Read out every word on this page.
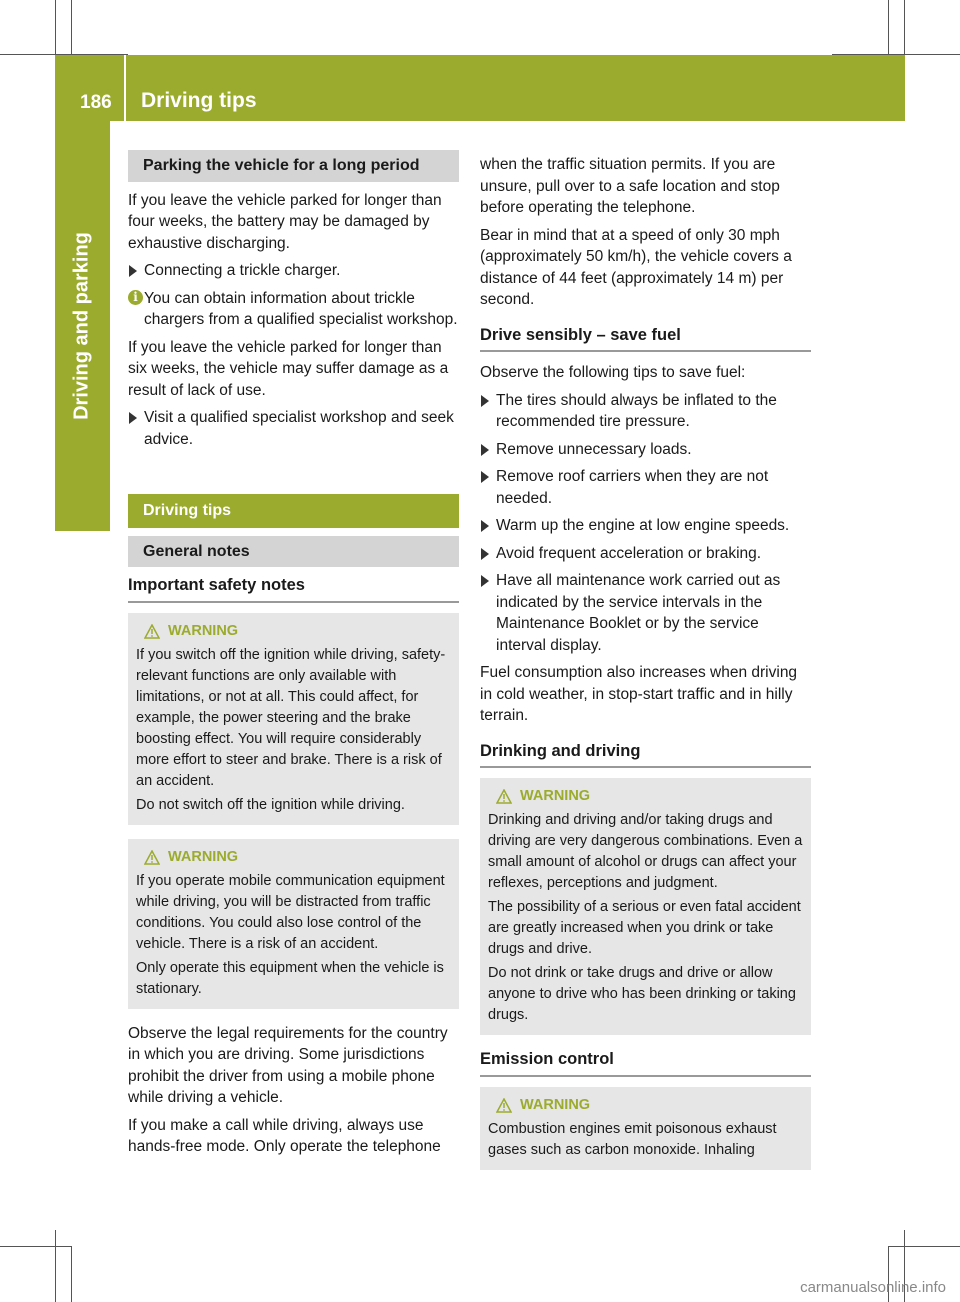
186 Driving tips
Driving and parking
Parking the vehicle for a long period

If you leave the vehicle parked for longer than four weeks, the battery may be damaged by exhaustive discharging.

Connecting a trickle charger.
i You can obtain information about trickle chargers from a qualified specialist workshop.

If you leave the vehicle parked for longer than six weeks, the vehicle may suffer damage as a result of lack of use.

Visit a qualified specialist workshop and seek advice.
Driving tips
General notes
Important safety notes
WARNING

If you switch off the ignition while driving, safety-relevant functions are only available with limitations, or not at all. This could affect, for example, the power steering and the brake boosting effect. You will require considerably more effort to steer and brake. There is a risk of an accident.

Do not switch off the ignition while driving.

WARNING

If you operate mobile communication equipment while driving, you will be distracted from traffic conditions. You could also lose control of the vehicle. There is a risk of an accident.

Only operate this equipment when the vehicle is stationary.

Observe the legal requirements for the country in which you are driving. Some jurisdictions prohibit the driver from using a mobile phone while driving a vehicle.

If you make a call while driving, always use hands-free mode. Only operate the telephone

when the traffic situation permits. If you are unsure, pull over to a safe location and stop before operating the telephone.

Bear in mind that at a speed of only 30 mph (approximately 50 km/h), the vehicle covers a distance of 44 feet (approximately 14 m) per second.

Drive sensibly – save fuel

Observe the following tips to save fuel:

The tires should always be inflated to the recommended tire pressure.
Remove unnecessary loads.
Remove roof carriers when they are not needed.
Warm up the engine at low engine speeds.
Avoid frequent acceleration or braking.
Have all maintenance work carried out as indicated by the service intervals in the Maintenance Booklet or by the service interval display.

Fuel consumption also increases when driving in cold weather, in stop-start traffic and in hilly terrain.

Drinking and driving
WARNING

Drinking and driving and/or taking drugs and driving are very dangerous combinations. Even a small amount of alcohol or drugs can affect your reflexes, perceptions and judgment.

The possibility of a serious or even fatal accident are greatly increased when you drink or take drugs and drive.

Do not drink or take drugs and drive or allow anyone to drive who has been drinking or taking drugs.

Emission control
WARNING

Combustion engines emit poisonous exhaust gases such as carbon monoxide. Inhaling

carmanualsonline.info
